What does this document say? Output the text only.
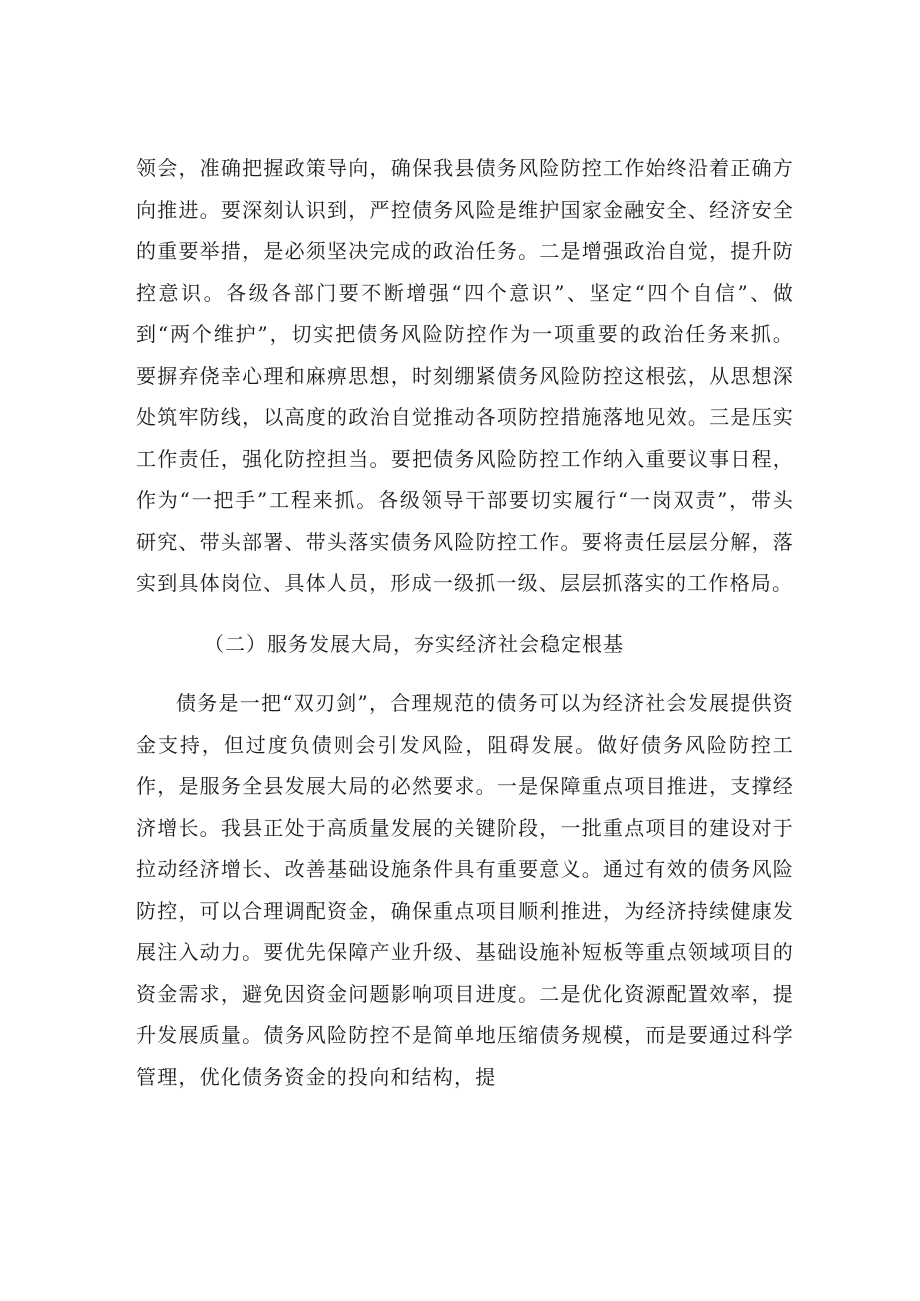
领会，准确把握政策导向，确保我县债务风险防控工作始终沿着正确方向推进。要深刻认识到，严控债务风险是维护国家金融安全、经济安全的重要举措，是必须坚决完成的政治任务。二是增强政治自觉，提升防控意识。各级各部门要不断增强“四个意识”、坚定“四个自信”、做到“两个维护”，切实把债务风险防控作为一项重要的政治任务来抓。要摒弃侥幸心理和麻痹思想，时刻绷紧债务风险防控这根弦，从思想深处筑牢防线，以高度的政治自觉推动各项防控措施落地见效。三是压实工作责任，强化防控担当。要把债务风险防控工作纳入重要议事日程，作为“一把手”工程来抓。各级领导干部要切实履行“一岗双责”，带头研究、带头部署、带头落实债务风险防控工作。要将责任层层分解，落实到具体岗位、具体人员，形成一级抓一级、层层抓落实的工作格局。

（二）服务发展大局，夯实经济社会稳定根基

债务是一把“双刃剑”，合理规范的债务可以为经济社会发展提供资金支持，但过度负债则会引发风险，阻碍发展。做好债务风险防控工作，是服务全县发展大局的必然要求。一是保障重点项目推进，支撑经济增长。我县正处于高质量发展的关键阶段，一批重点项目的建设对于拉动经济增长、改善基础设施条件具有重要意义。通过有效的债务风险防控，可以合理调配资金，确保重点项目顺利推进，为经济持续健康发展注入动力。要优先保障产业升级、基础设施补短板等重点领域项目的资金需求，避免因资金问题影响项目进度。二是优化资源配置效率，提升发展质量。债务风险防控不是简单地压缩债务规模，而是要通过科学管理，优化债务资金的投向和结构，提
